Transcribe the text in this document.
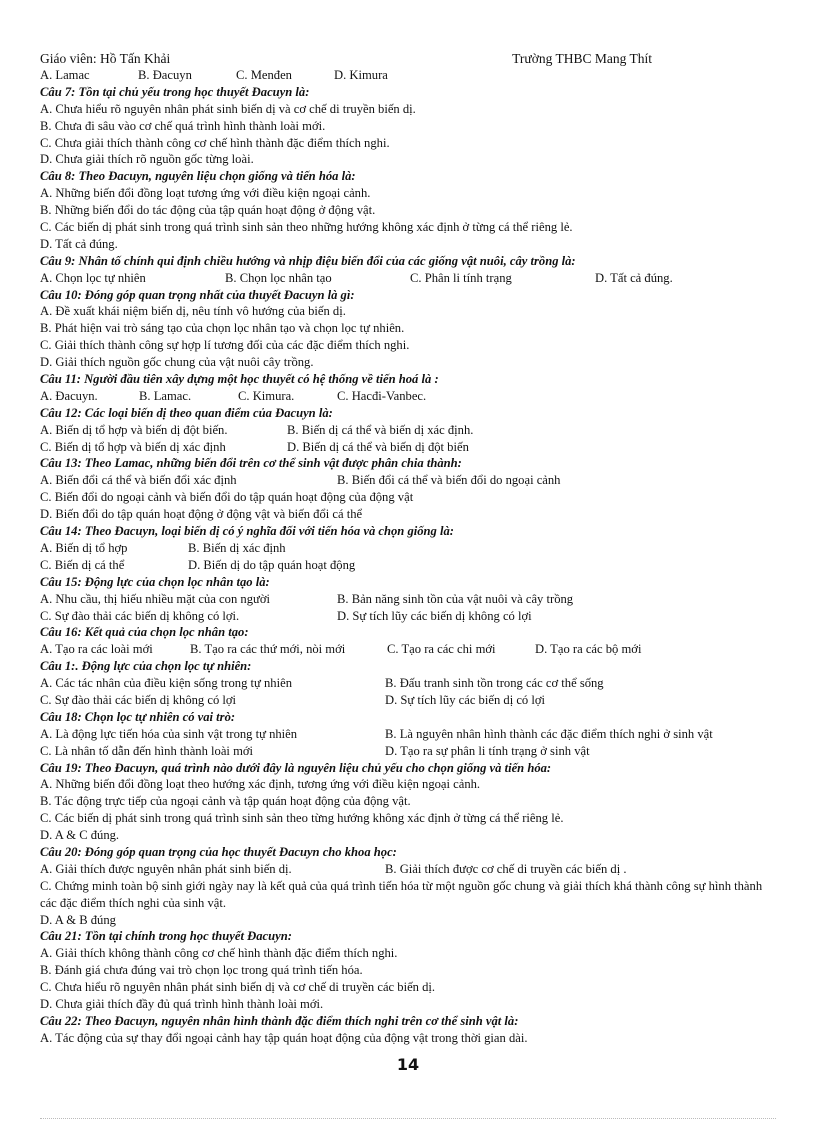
Giáo viên: Hồ Tấn Khải	Trường THBC Mang Thít
A. Lamac	B. Đacuyn	C. Menđen	D. Kimura
Câu 7: Tồn tại chủ yếu trong học thuyết Đacuyn là:
A. Chưa hiểu rõ nguyên nhân phát sinh biến dị và cơ chế di truyền biến dị.
B. Chưa đi sâu vào cơ chế quá trình hình thành loài mới.
C. Chưa giải thích thành công cơ chế hình thành đặc điểm thích nghi.
D. Chưa giải thích rõ nguồn gốc từng loài.
Câu 8: Theo Đacuyn, nguyên liệu chọn giống và tiến hóa là:
A. Những biến đổi đồng loạt tương ứng với điều kiện ngoại cảnh.
B. Những biến đổi do tác động của tập quán hoạt động ở động vật.
C. Các biến dị phát sinh trong quá trình sinh sản theo những hướng không xác định ở từng cá thể riêng lẻ.
D. Tất cả đúng.
Câu 9: Nhân tố chính qui định chiều hướng và nhịp điệu biến đổi của các giống vật nuôi, cây trồng là:
A. Chọn lọc tự nhiên	B. Chọn lọc nhân tạo	C. Phân li tính trạng	D. Tất cả đúng.
Câu 10: Đóng góp quan trọng nhất của thuyết Đacuyn là gì:
A. Đề xuất khái niệm biến dị, nêu tính vô hướng của biến dị.
B. Phát hiện vai trò sáng tạo của chọn lọc nhân tạo và chọn lọc tự nhiên.
C. Giải thích thành công sự hợp lí tương đối của các đặc điểm thích nghi.
D. Giải thích nguồn gốc chung của vật nuôi cây trồng.
Câu 11: Người đầu tiên xây dựng một học thuyết có hệ thống về tiến hoá là :
A. Đacuyn.	B. Lamac.	C. Kimura.	C. Hacđi-Vanbec.
Câu 12: Các loại biến dị theo quan điểm của Đacuyn là:
A. Biến dị tổ hợp và biến dị đột biến.	B. Biến dị cá thể và biến dị xác định.
C. Biến dị tổ hợp và biến dị xác định	D. Biến dị cá thể và biến dị đột biến
Câu 13: Theo Lamac, những biến đổi trên cơ thể sinh vật được phân chia thành:
A. Biến đổi cá thể và biến đổi xác định	B. Biến đổi cá thể và biến đổi do ngoại cảnh
C. Biến đổi do ngoại cảnh và biến đổi do tập quán hoạt động của động vật
D. Biến đổi do tập quán hoạt động ở động vật và biến đổi cá thể
Câu 14: Theo Đacuyn, loại biến dị có ý nghĩa đối với tiến hóa và chọn giống là:
A. Biến dị tổ hợp	B. Biến dị xác định
C. Biến dị cá thể	D. Biến dị do tập quán hoạt động
Câu 15: Động lực của chọn lọc nhân tạo là:
A. Nhu cầu, thị hiếu nhiều mặt của con người	B. Bản năng sinh tồn của vật nuôi và cây trồng
C. Sự đào thải các biến dị không có lợi.	D. Sự tích lũy các biến dị không có lợi
Câu 16: Kết quả của chọn lọc nhân tạo:
A. Tạo ra các loài mới	B. Tạo ra các thứ mới, nòi mới	C. Tạo ra các chi mới	D. Tạo ra các bộ mới
Câu 1:. Động lực của chọn lọc tự nhiên:
A. Các tác nhân của điều kiện sống trong tự nhiên	B. Đấu tranh sinh tồn trong các cơ thể sống
C. Sự đào thải các biến dị không có lợi	D. Sự tích lũy các biến dị có lợi
Câu 18: Chọn lọc tự nhiên có vai trò:
A. Là động lực tiến hóa của sinh vật trong tự nhiên	B. Là nguyên nhân hình thành các đặc điểm thích nghi ở sinh vật
C. Là nhân tố dẫn đến hình thành loài mới	D. Tạo ra sự phân li tính trạng ở sinh vật
Câu 19: Theo Đacuyn, quá trình nào dưới đây là nguyên liệu chủ yếu cho chọn giống và tiến hóa:
A. Những biến đổi đồng loạt theo hướng xác định, tương ứng với điều kiện ngoại cảnh.
B. Tác động trực tiếp của ngoại cảnh và tập quán hoạt động của động vật.
C. Các biến dị phát sinh trong quá trình sinh sản theo từng hướng không xác định ở từng cá thể riêng lẻ.
D. A & C đúng.
Câu 20: Đóng góp quan trọng của học thuyết Đacuyn cho khoa học:
A. Giải thích được nguyên nhân phát sinh biến dị.	B. Giải thích được cơ chế di truyền các biến dị .
C. Chứng minh toàn bộ sinh giới ngày nay là kết quả của quá trình tiến hóa từ một nguồn gốc chung và giải thích khá thành công sự hình thành các đặc điểm thích nghi của sinh vật.
D. A & B đúng
Câu 21: Tồn tại chính trong học thuyết Đacuyn:
A. Giải thích không thành công cơ chế hình thành đặc điểm thích nghi.
B. Đánh giá chưa đúng vai trò chọn lọc trong quá trình tiến hóa.
C. Chưa hiểu rõ nguyên nhân phát sinh biến dị và cơ chế di truyền các biến dị.
D. Chưa giải thích đầy đủ quá trình hình thành loài mới.
Câu 22: Theo Đacuyn, nguyên nhân hình thành đặc điểm thích nghi trên cơ thể sinh vật là:
A. Tác động của sự thay đổi ngoại cảnh hay tập quán hoạt động của động vật trong thời gian dài.
14
